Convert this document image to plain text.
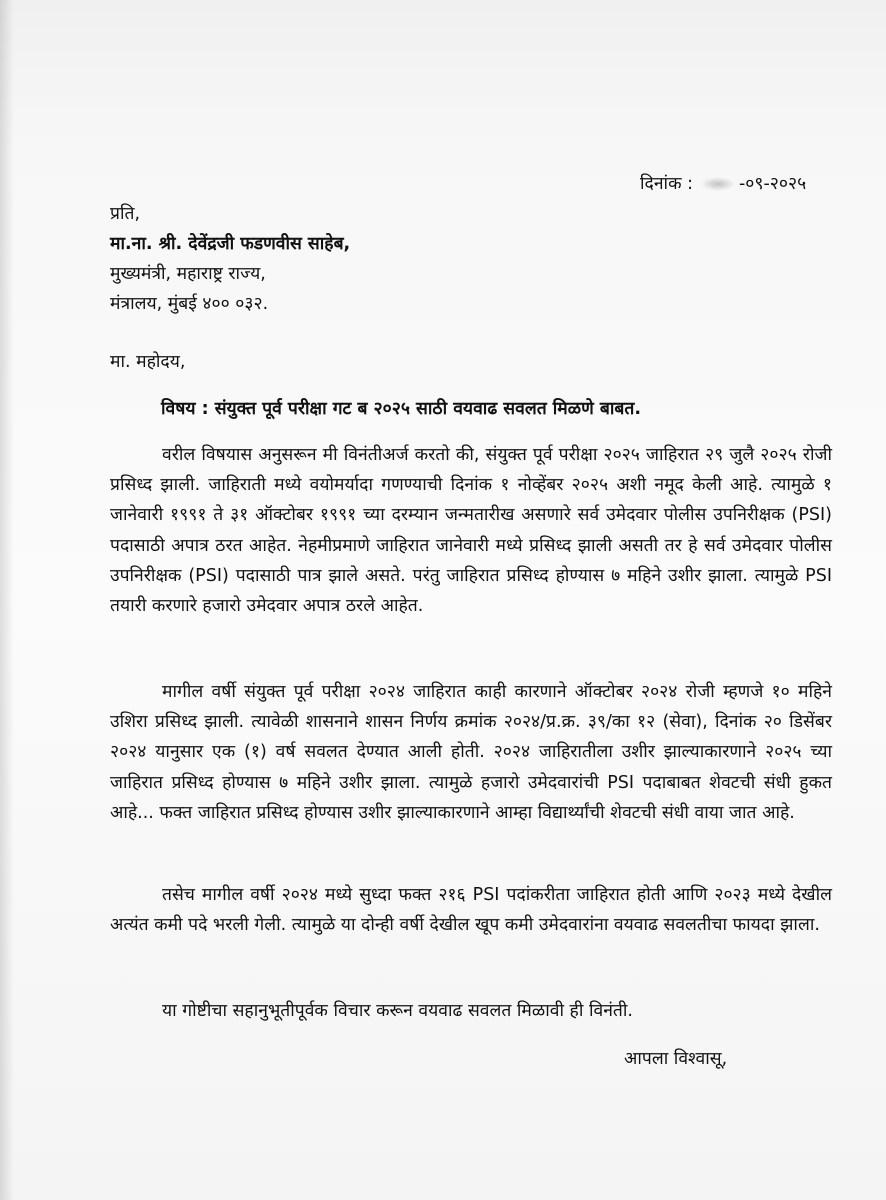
दिनांक :	-०९-२०२५
प्रति,
मा.ना. श्री. देवेंद्रजी फडणवीस साहेब,
मुख्यमंत्री, महाराष्ट्र राज्य,
मंत्रालय, मुंबई ४०० ०३२.
मा. महोदय,
विषय : संयुक्त पूर्व परीक्षा गट ब २०२५ साठी वयवाढ सवलत मिळणे बाबत.

वरील विषयास अनुसरून मी विनंतीअर्ज करतो की, संयुक्त पूर्व परीक्षा २०२५ जाहिरात २९ जुलै २०२५ रोजी प्रसिध्द झाली. जाहिराती मध्ये वयोमर्यादा गणण्याची दिनांक १ नोव्हेंबर २०२५ अशी नमूद केली आहे. त्यामुळे १ जानेवारी १९९१ ते ३१ ऑक्टोबर १९९१ च्या दरम्यान जन्मतारीख असणारे सर्व उमेदवार पोलीस उपनिरीक्षक (PSI) पदासाठी अपात्र ठरत आहेत. नेहमीप्रमाणे जाहिरात जानेवारी मध्ये प्रसिध्द झाली असती तर हे सर्व उमेदवार पोलीस उपनिरीक्षक (PSI) पदासाठी पात्र झाले असते. परंतु जाहिरात प्रसिध्द होण्यास ७ महिने उशीर झाला. त्यामुळे PSI तयारी करणारे हजारो उमेदवार अपात्र ठरले आहेत.

मागील वर्षी संयुक्त पूर्व परीक्षा २०२४ जाहिरात काही कारणाने ऑक्टोबर २०२४ रोजी म्हणजे १० महिने उशिरा प्रसिध्द झाली. त्यावेळी शासनाने शासन निर्णय क्रमांक २०२४/प्र.क्र. ३९/का १२ (सेवा), दिनांक २० डिसेंबर २०२४ यानुसार एक (१) वर्ष सवलत देण्यात आली होती. २०२४ जाहिरातीला उशीर झाल्याकारणाने २०२५ च्या जाहिरात प्रसिध्द होण्यास ७ महिने उशीर झाला. त्यामुळे हजारो उमेदवारांची PSI पदाबाबत शेवटची संधी हुकत आहे... फक्त जाहिरात प्रसिध्द होण्यास उशीर झाल्याकारणाने आम्हा विद्यार्थ्यांची शेवटची संधी वाया जात आहे.

तसेच मागील वर्षी २०२४ मध्ये सुध्दा फक्त २१६ PSI पदांकरीता जाहिरात होती आणि २०२३ मध्ये देखील अत्यंत कमी पदे भरली गेली. त्यामुळे या दोन्ही वर्षी देखील खूप कमी उमेदवारांना वयवाढ सवलतीचा फायदा झाला.

या गोष्टीचा सहानुभूतीपूर्वक विचार करून वयवाढ सवलत मिळावी ही विनंती.
आपला विश्वासू,
